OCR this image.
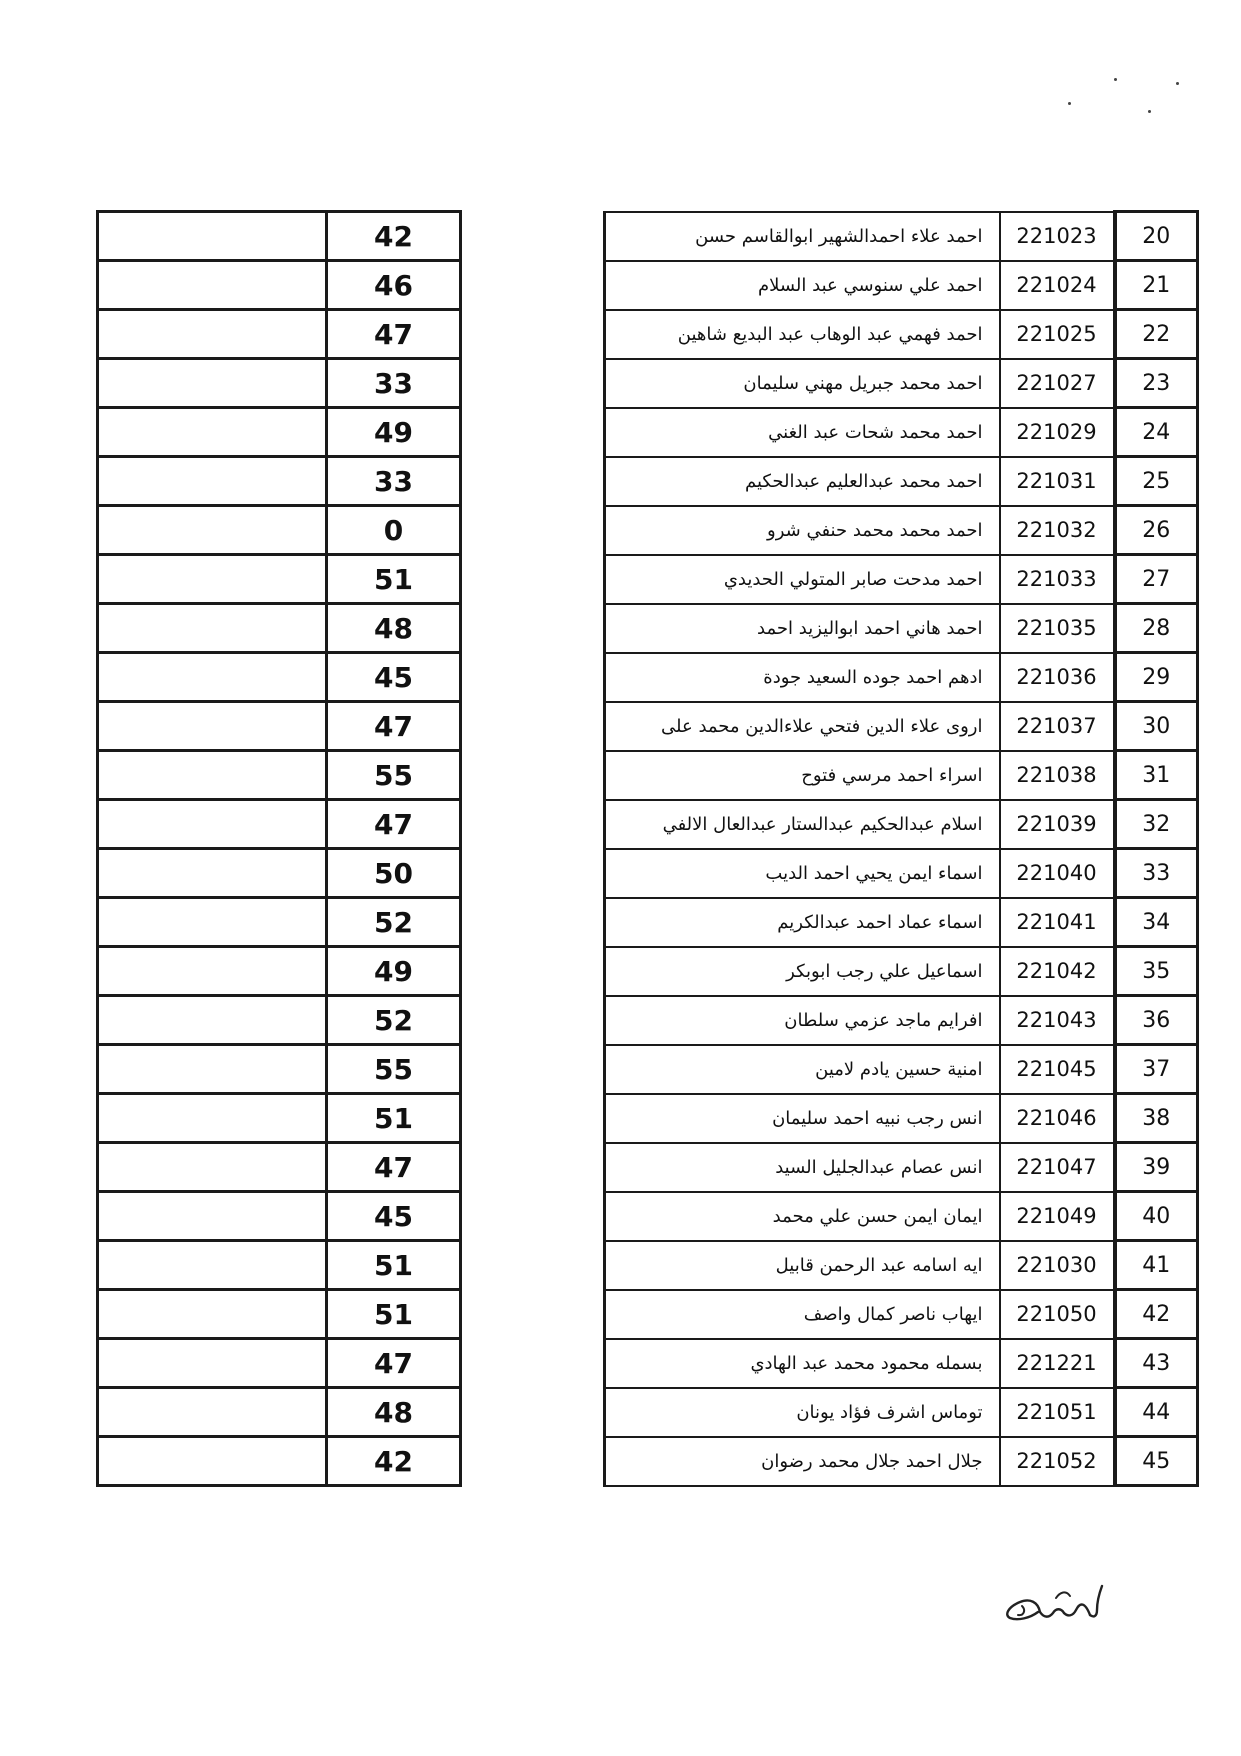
	42		احمد علاء احمدالشهير ابوالقاسم حسن	221023	20
	46		احمد علي سنوسي عبد السلام	221024	21
	47		احمد فهمي عبد الوهاب عبد البديع شاهين	221025	22
	33		احمد محمد جبريل مهني سليمان	221027	23
	49		احمد محمد شحات عبد الغني	221029	24
	33		احمد محمد عبدالعليم عبدالحكيم	221031	25
	0		احمد محمد محمد حنفي شرو	221032	26
	51		احمد مدحت صابر المتولي الحديدي	221033	27
	48		احمد هاني احمد ابواليزيد احمد	221035	28
	45		ادهم احمد جوده السعيد جودة	221036	29
	47		اروى علاء الدين فتحي علاءالدين محمد على	221037	30
	55		اسراء احمد مرسي فتوح	221038	31
	47		اسلام عبدالحكيم عبدالستار عبدالعال الالفي	221039	32
	50		اسماء ايمن يحيي احمد الديب	221040	33
	52		اسماء عماد احمد عبدالكريم	221041	34
	49		اسماعيل علي رجب ابوبكر	221042	35
	52		افرايم ماجد عزمي سلطان	221043	36
	55		امنية حسين يادم لامين	221045	37
	51		انس رجب نبيه احمد سليمان	221046	38
	47		انس عصام عبدالجليل السيد	221047	39
	45		ايمان ايمن حسن علي محمد	221049	40
	51		ايه اسامه عبد الرحمن قابيل	221030	41
	51		ايهاب ناصر كمال واصف	221050	42
	47		بسمله محمود محمد عبد الهادي	221221	43
	48		توماس اشرف فؤاد يونان	221051	44
	42		جلال احمد جلال محمد رضوان	221052	45
